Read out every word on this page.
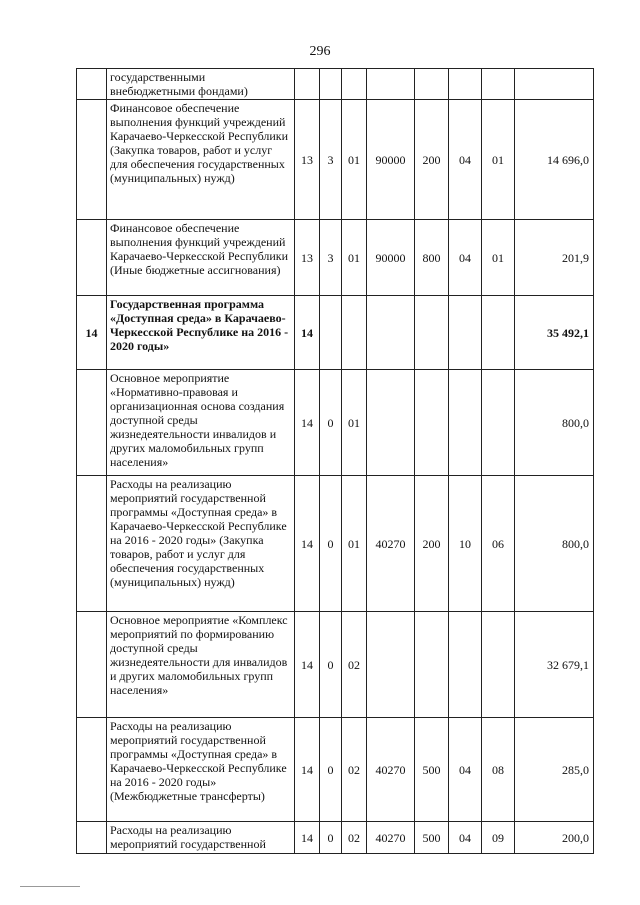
296
	государственными внебюджетными фондами)								
	Финансовое обеспечение выполнения функций учреждений Карачаево-Черкесской Республики (Закупка товаров, работ и услуг для обеспечения государственных (муниципальных) нужд)	13	3	01	90000	200	04	01	14 696,0
	Финансовое обеспечение выполнения функций учреждений Карачаево-Черкесской Республики (Иные бюджетные ассигнования)	13	3	01	90000	800	04	01	201,9
14	Государственная программа «Доступная среда» в Карачаево-Черкесской Республике на 2016 - 2020 годы»	14							35 492,1
	Основное мероприятие «Нормативно-правовая и организационная основа создания доступной среды жизнедеятельности инвалидов и других маломобильных групп населения»	14	0	01					800,0
	Расходы на реализацию мероприятий государственной программы «Доступная среда» в Карачаево-Черкесской Республике на 2016 - 2020 годы» (Закупка товаров, работ и услуг для обеспечения государственных (муниципальных) нужд)	14	0	01	40270	200	10	06	800,0
	Основное мероприятие «Комплекс мероприятий по формированию доступной среды жизнедеятельности для инвалидов и других маломобильных групп населения»	14	0	02					32 679,1
	Расходы на реализацию мероприятий государственной программы «Доступная среда» в Карачаево-Черкесской Республике на 2016 - 2020 годы» (Межбюджетные трансферты)	14	0	02	40270	500	04	08	285,0
	Расходы на реализацию мероприятий государственной	14	0	02	40270	500	04	09	200,0
